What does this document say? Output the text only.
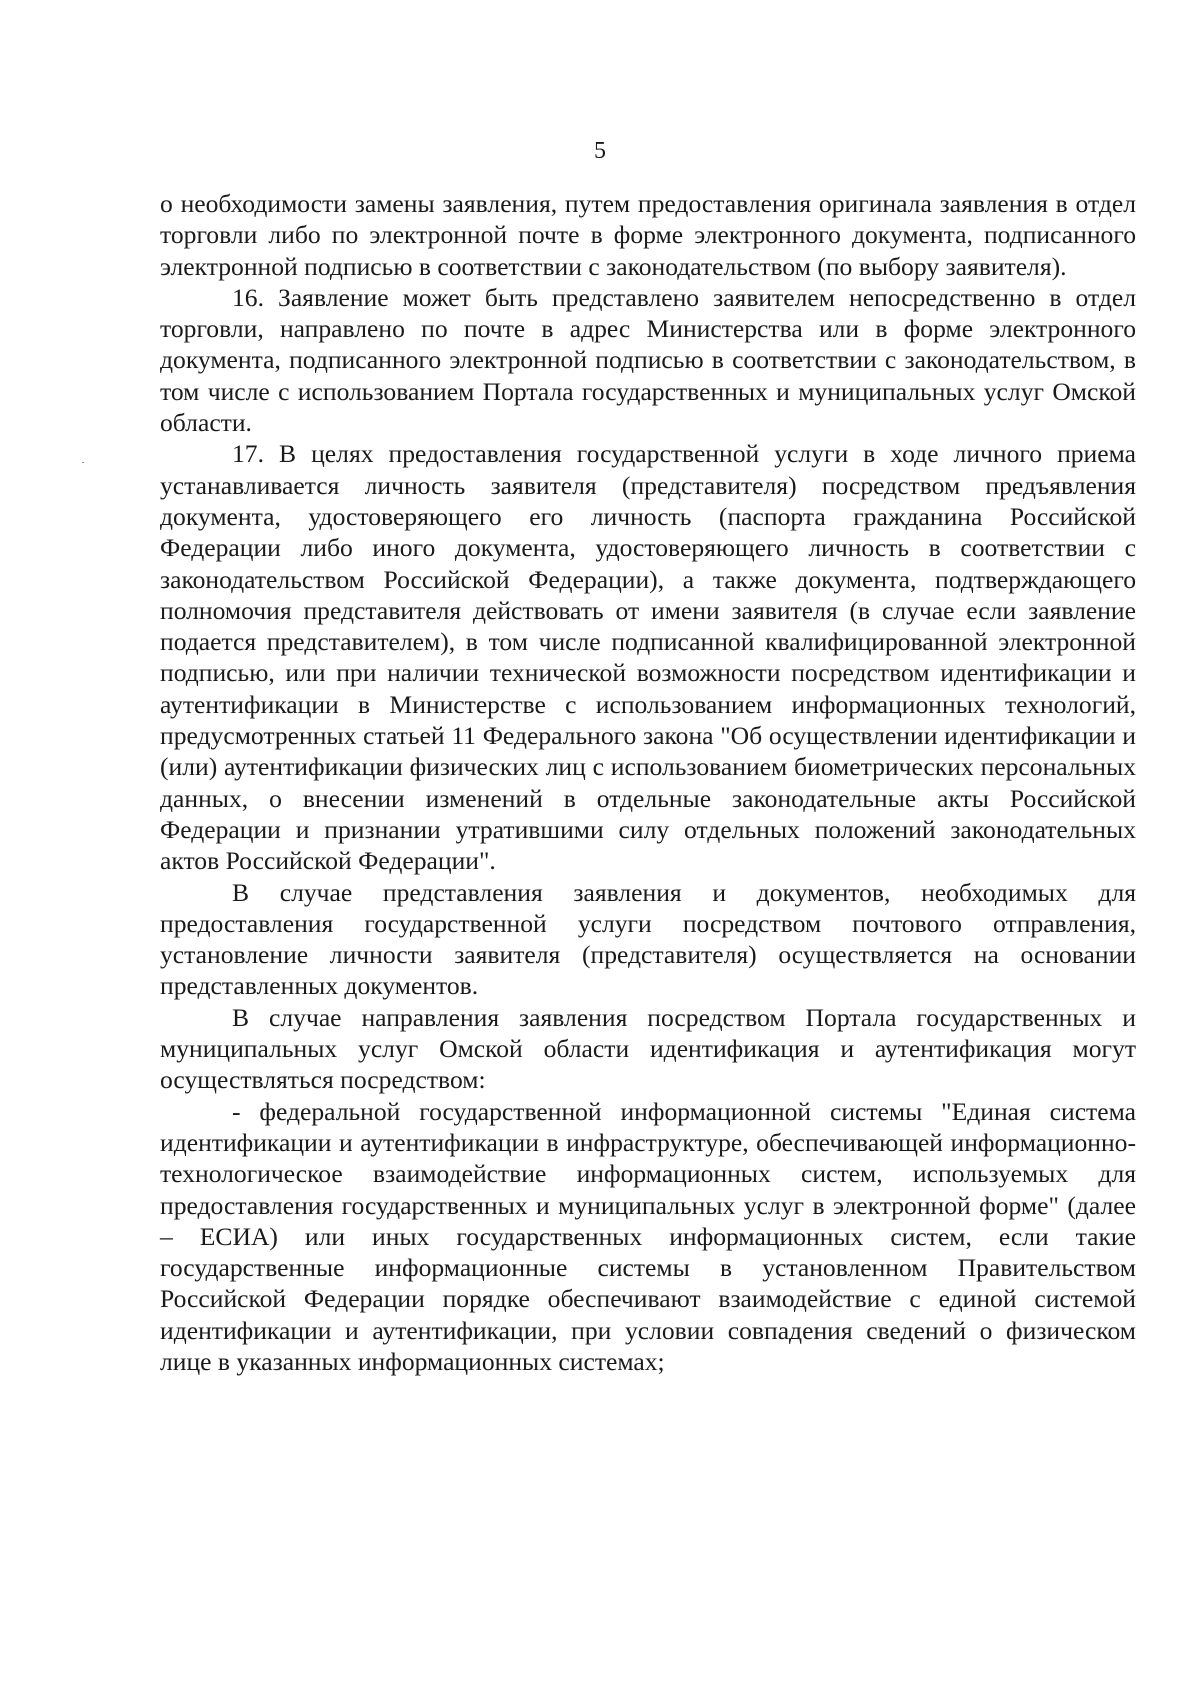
5

о необходимости замены заявления, путем предоставления оригинала заявления в отдел торговли либо по электронной почте в форме электронного документа, подписанного электронной подписью в соответствии с законодательством (по выбору заявителя).

16. Заявление может быть представлено заявителем непосредственно в отдел торговли, направлено по почте в адрес Министерства или в форме электронного документа, подписанного электронной подписью в соответствии с законодательством, в том числе с использованием Портала государственных и муниципальных услуг Омской области.

17. В целях предоставления государственной услуги в ходе личного приема устанавливается личность заявителя (представителя) посредством предъявления документа, удостоверяющего его личность (паспорта гражданина Российской Федерации либо иного документа, удостоверяющего личность в соответствии с законодательством Российской Федерации), а также документа, подтверждающего полномочия представителя действовать от имени заявителя (в случае если заявление подается представителем), в том числе подписанной квалифицированной электронной подписью, или при наличии технической возможности посредством идентификации и аутентификации в Министерстве с использованием информационных технологий, предусмотренных статьей 11 Федерального закона "Об осуществлении идентификации и (или) аутентификации физических лиц с использованием биометрических персональных данных, о внесении изменений в отдельные законодательные акты Российской Федерации и признании утратившими силу отдельных положений законодательных актов Российской Федерации".

В случае представления заявления и документов, необходимых для предоставления государственной услуги посредством почтового отправления, установление личности заявителя (представителя) осуществляется на основании представленных документов.

В случае направления заявления посредством Портала государственных и муниципальных услуг Омской области идентификация и аутентификация могут осуществляться посредством:

- федеральной государственной информационной системы "Единая система идентификации и аутентификации в инфраструктуре, обеспечивающей информационно-технологическое взаимодействие информационных систем, используемых для предоставления государственных и муниципальных услуг в электронной форме" (далее – ЕСИА) или иных государственных информационных систем, если такие государственные информационные системы в установленном Правительством Российской Федерации порядке обеспечивают взаимодействие с единой системой идентификации и аутентификации, при условии совпадения сведений о физическом лице в указанных информационных системах;
